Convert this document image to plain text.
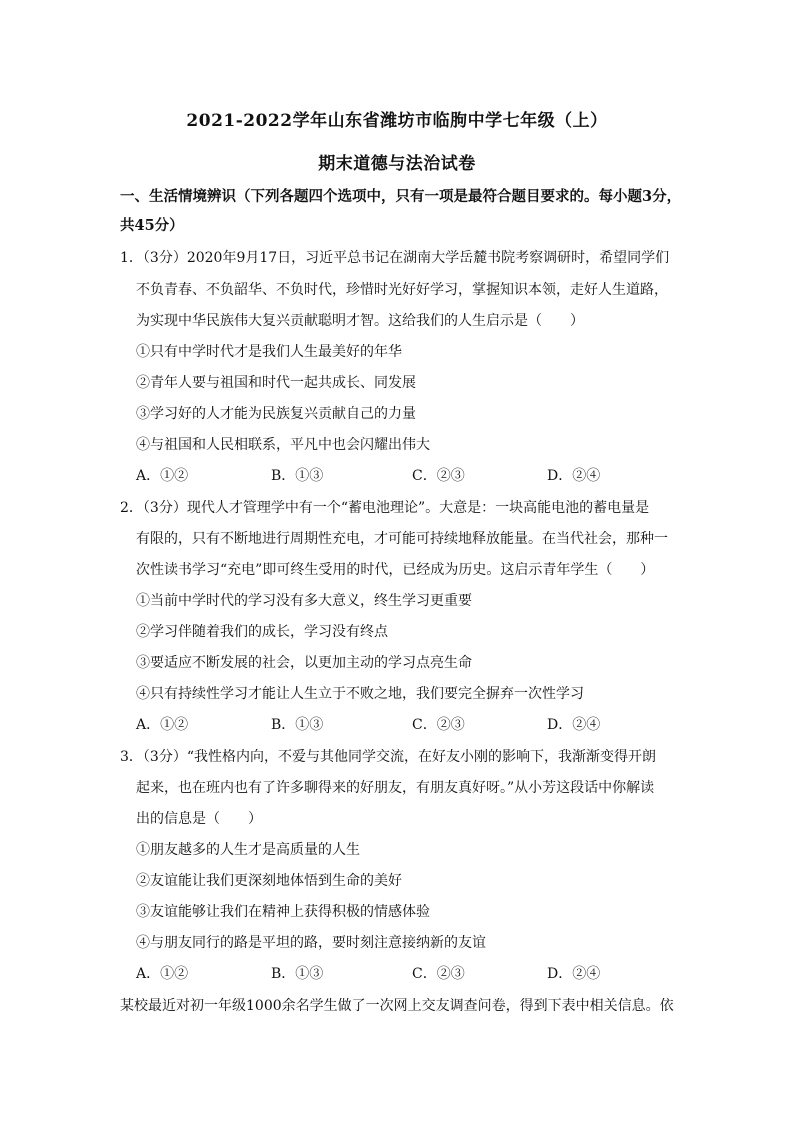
2021-2022学年山东省潍坊市临朐中学七年级（上）
期末道德与法治试卷
一、生活情境辨识（下列各题四个选项中，只有一项是最符合题目要求的。每小题3分，
共45分）
1．（3分）2020年9月17日，习近平总书记在湖南大学岳麓书院考察调研时，希望同学们
不负青春、不负韶华、不负时代，珍惜时光好好学习，掌握知识本领，走好人生道路，
为实现中华民族伟大复兴贡献聪明才智。这给我们的人生启示是（　　）
①只有中学时代才是我们人生最美好的年华
②青年人要与祖国和时代一起共成长、同发展
③学习好的人才能为民族复兴贡献自己的力量
④与祖国和人民相联系，平凡中也会闪耀出伟大
A．①②	B．①③	C．②③	D．②④
2．（3分）现代人才管理学中有一个“蓄电池理论”。大意是：一块高能电池的蓄电量是
有限的，只有不断地进行周期性充电，才可能可持续地释放能量。在当代社会，那种一
次性读书学习“充电”即可终生受用的时代，已经成为历史。这启示青年学生（　　）
①当前中学时代的学习没有多大意义，终生学习更重要
②学习伴随着我们的成长，学习没有终点
③要适应不断发展的社会，以更加主动的学习点亮生命
④只有持续性学习才能让人生立于不败之地，我们要完全摒弃一次性学习
A．①②	B．①③	C．②③	D．②④
3．（3分）“我性格内向，不爱与其他同学交流，在好友小刚的影响下，我渐渐变得开朗
起来，也在班内也有了许多聊得来的好朋友，有朋友真好呀。”从小芳这段话中你解读
出的信息是（　　）
①朋友越多的人生才是高质量的人生
②友谊能让我们更深刻地体悟到生命的美好
③友谊能够让我们在精神上获得积极的情感体验
④与朋友同行的路是平坦的路，要时刻注意接纳新的友谊
A．①②	B．①③	C．②③	D．②④
某校最近对初一年级1000余名学生做了一次网上交友调查问卷，得到下表中相关信息。依
